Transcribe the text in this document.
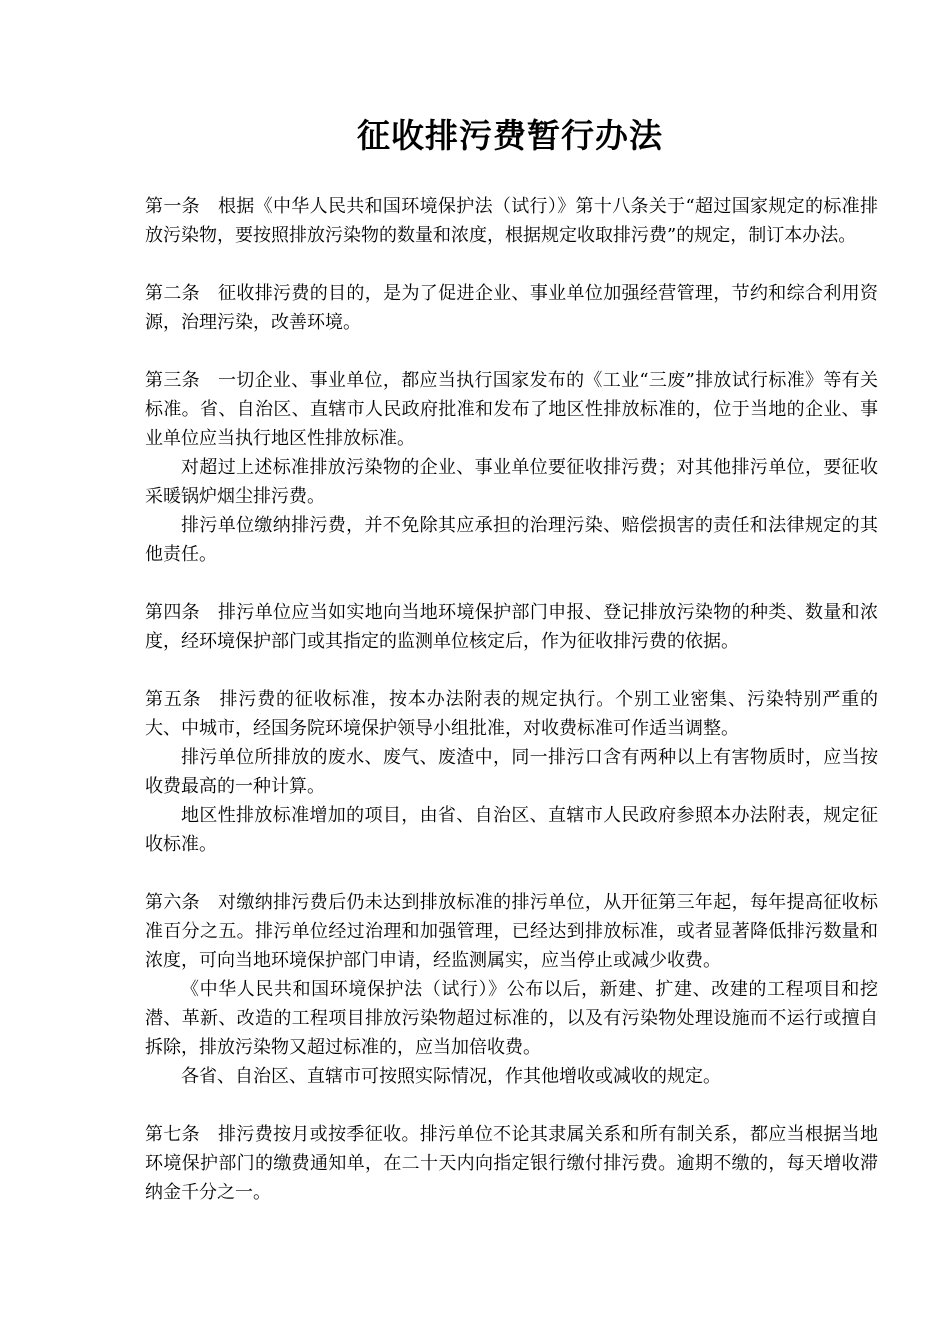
征收排污费暂行办法

第一条 根据《中华人民共和国环境保护法（试行）》第十八条关于“超过国家规定的标准排放污染物，要按照排放污染物的数量和浓度，根据规定收取排污费”的规定，制订本办法。

第二条 征收排污费的目的，是为了促进企业、事业单位加强经营管理，节约和综合利用资源，治理污染，改善环境。

第三条 一切企业、事业单位，都应当执行国家发布的《工业“三废”排放试行标准》等有关标准。省、自治区、直辖市人民政府批准和发布了地区性排放标准的，位于当地的企业、事业单位应当执行地区性排放标准。

对超过上述标准排放污染物的企业、事业单位要征收排污费；对其他排污单位，要征收采暖锅炉烟尘排污费。

排污单位缴纳排污费，并不免除其应承担的治理污染、赔偿损害的责任和法律规定的其他责任。

第四条 排污单位应当如实地向当地环境保护部门申报、登记排放污染物的种类、数量和浓度，经环境保护部门或其指定的监测单位核定后，作为征收排污费的依据。

第五条 排污费的征收标准，按本办法附表的规定执行。个别工业密集、污染特别严重的大、中城市，经国务院环境保护领导小组批准，对收费标准可作适当调整。

排污单位所排放的废水、废气、废渣中，同一排污口含有两种以上有害物质时，应当按收费最高的一种计算。

地区性排放标准增加的项目，由省、自治区、直辖市人民政府参照本办法附表，规定征收标准。

第六条 对缴纳排污费后仍未达到排放标准的排污单位，从开征第三年起，每年提高征收标准百分之五。排污单位经过治理和加强管理，已经达到排放标准，或者显著降低排污数量和浓度，可向当地环境保护部门申请，经监测属实，应当停止或减少收费。

《中华人民共和国环境保护法（试行）》公布以后，新建、扩建、改建的工程项目和挖潜、革新、改造的工程项目排放污染物超过标准的，以及有污染物处理设施而不运行或擅自拆除，排放污染物又超过标准的，应当加倍收费。

各省、自治区、直辖市可按照实际情况，作其他增收或减收的规定。

第七条 排污费按月或按季征收。排污单位不论其隶属关系和所有制关系，都应当根据当地环境保护部门的缴费通知单，在二十天内向指定银行缴付排污费。逾期不缴的，每天增收滞纳金千分之一。
